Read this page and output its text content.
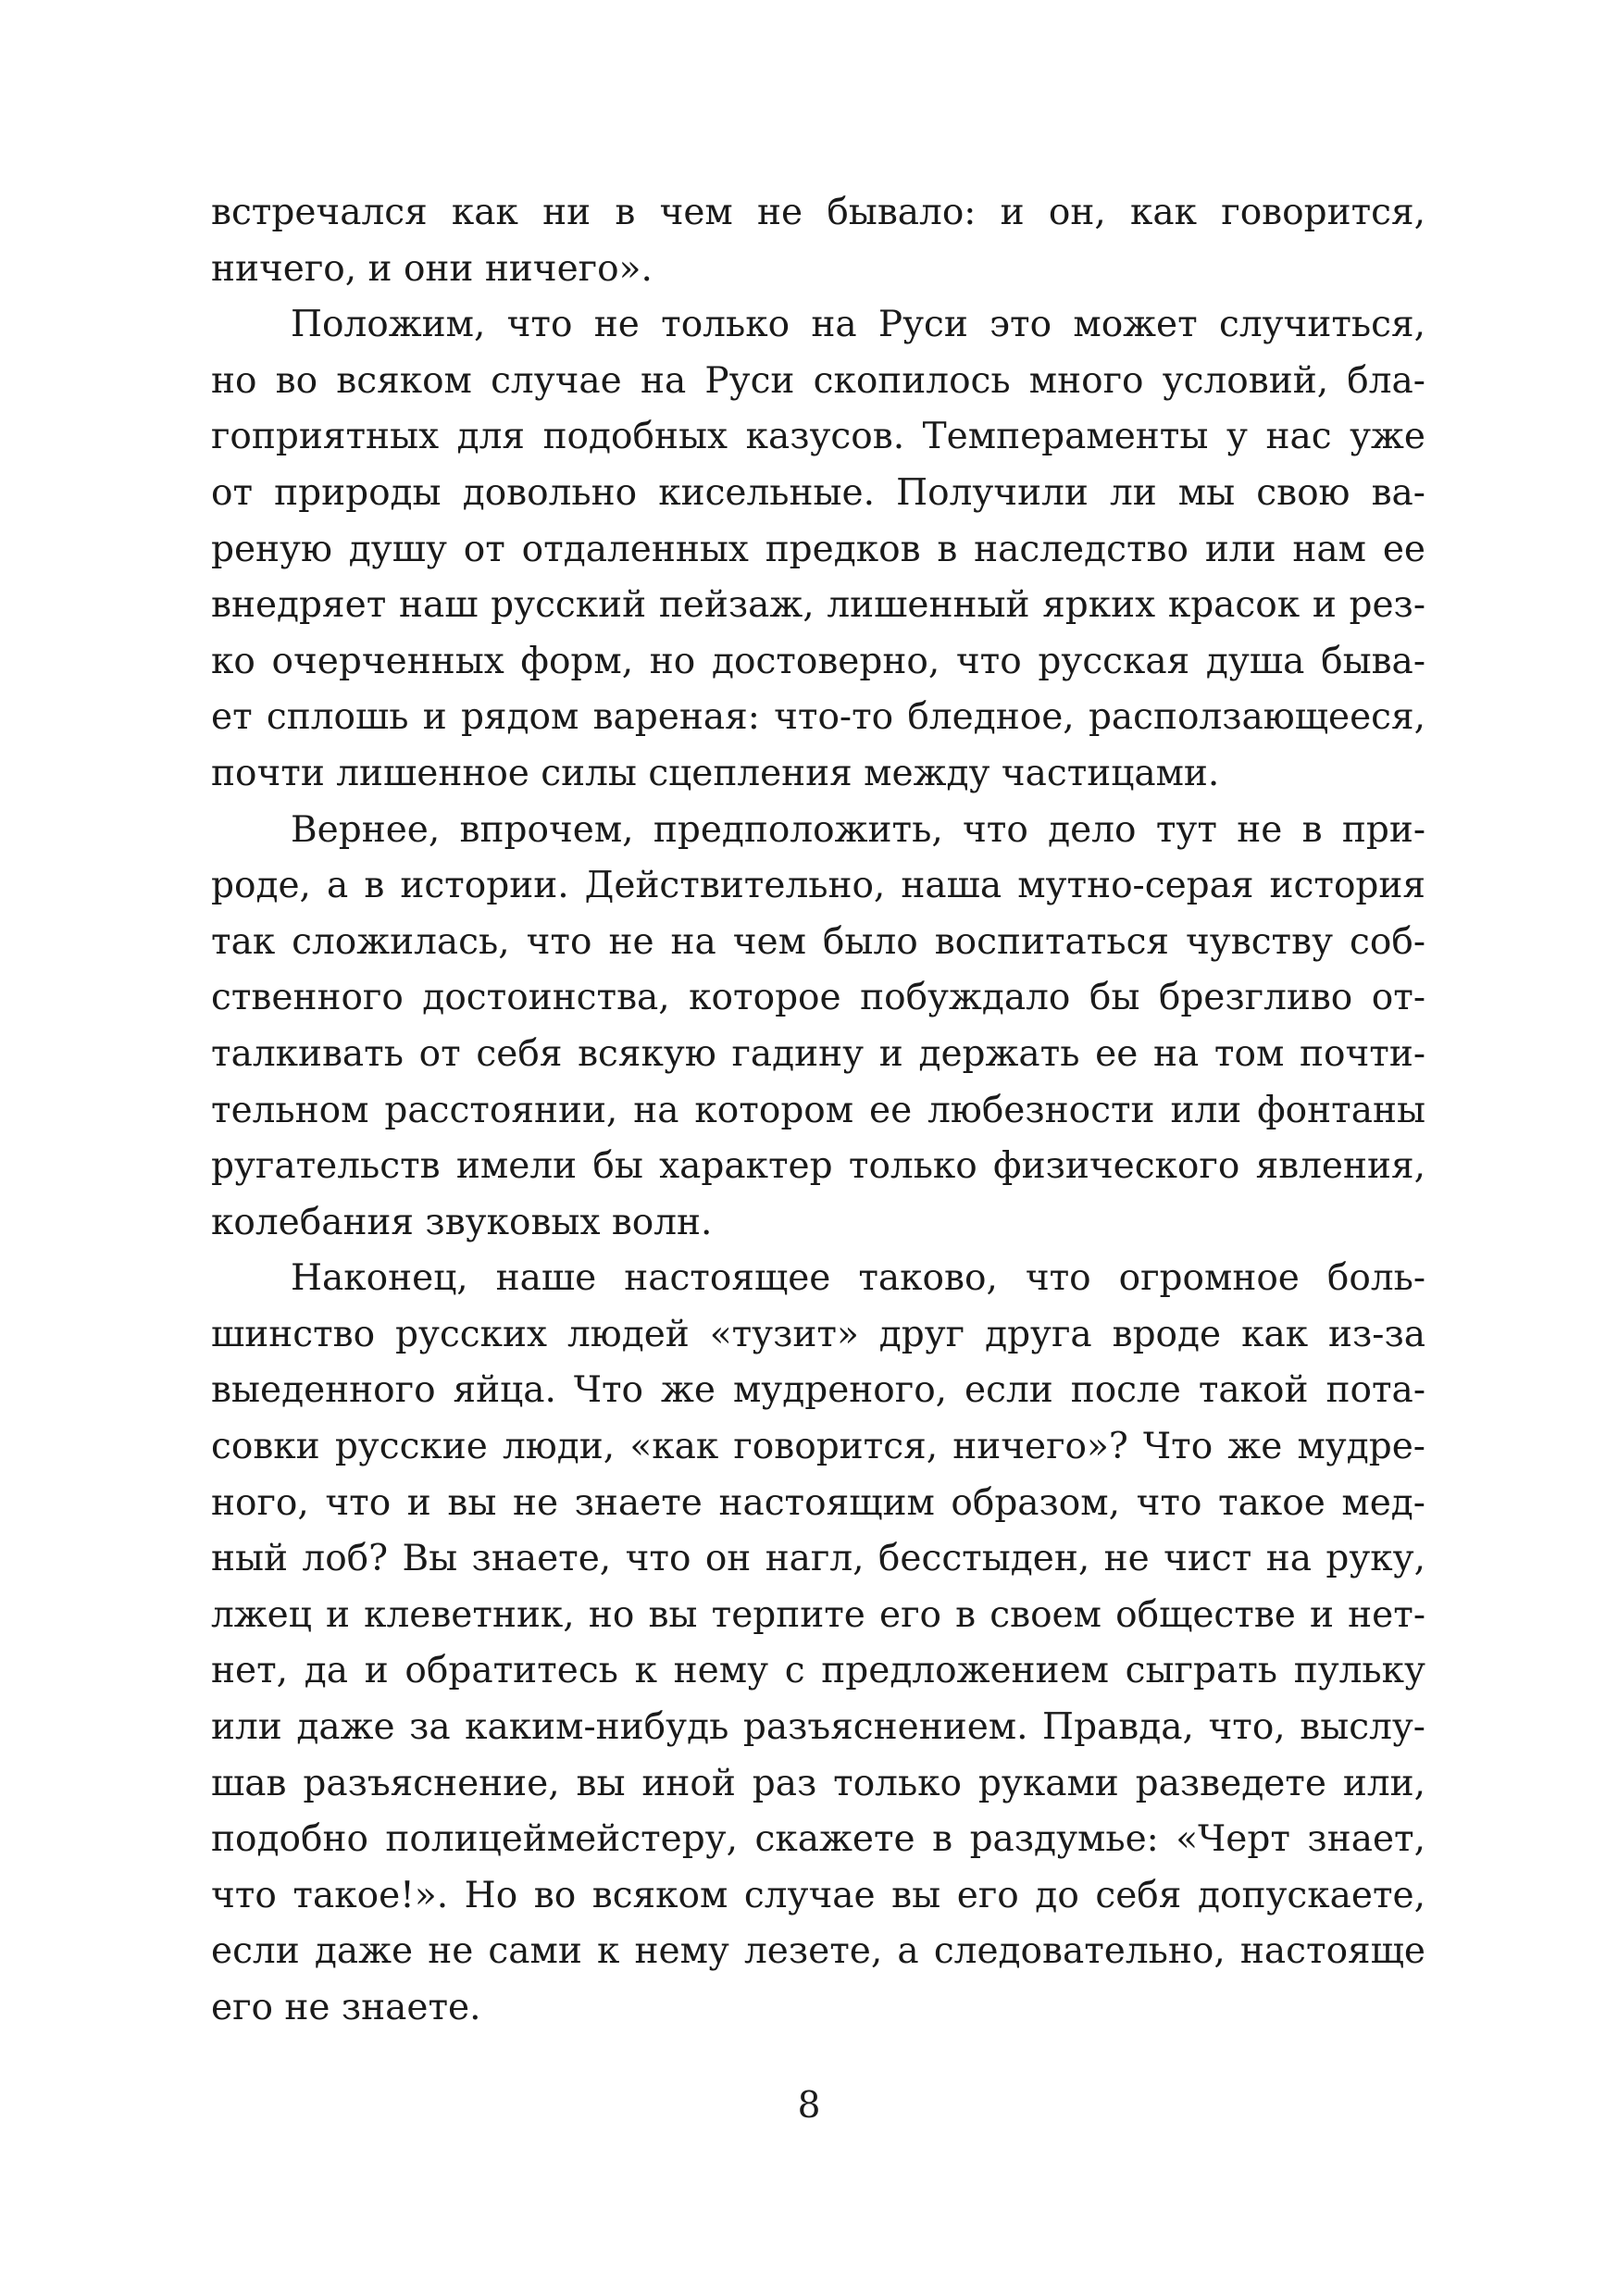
встречался как ни в чем не бывало: и он, как говорится,
ничего, и они ничего».
Положим, что не только на Руси это может случиться,
но во всяком случае на Руси скопилось много условий, бла-
гоприятных для подобных казусов. Темпераменты у нас уже
от природы довольно кисельные. Получили ли мы свою ва-
реную душу от отдаленных предков в наследство или нам ее
внедряет наш русский пейзаж, лишенный ярких красок и рез-
ко очерченных форм, но достоверно, что русская душа быва-
ет сплошь и рядом вареная: что-то бледное, расползающееся,
почти лишенное силы сцепления между частицами.
Вернее, впрочем, предположить, что дело тут не в при-
роде, а в истории. Действительно, наша мутно-серая история
так сложилась, что не на чем было воспитаться чувству соб-
ственного достоинства, которое побуждало бы брезгливо от-
талкивать от себя всякую гадину и держать ее на том почти-
тельном расстоянии, на котором ее любезности или фонтаны
ругательств имели бы характер только физического явления,
колебания звуковых волн.
Наконец, наше настоящее таково, что огромное боль-
шинство русских людей «тузит» друг друга вроде как из-за
выеденного яйца. Что же мудреного, если после такой пота-
совки русские люди, «как говорится, ничего»? Что же мудре-
ного, что и вы не знаете настоящим образом, что такое мед-
ный лоб? Вы знаете, что он нагл, бесстыден, не чист на руку,
лжец и клеветник, но вы терпите его в своем обществе и нет-
нет, да и обратитесь к нему с предложением сыграть пульку
или даже за каким-нибудь разъяснением. Правда, что, выслу-
шав разъяснение, вы иной раз только руками разведете или,
подобно полицеймейстеру, скажете в раздумье: «Черт знает,
что такое!». Но во всяком случае вы его до себя допускаете,
если даже не сами к нему лезете, а следовательно, настояще
его не знаете.
8
